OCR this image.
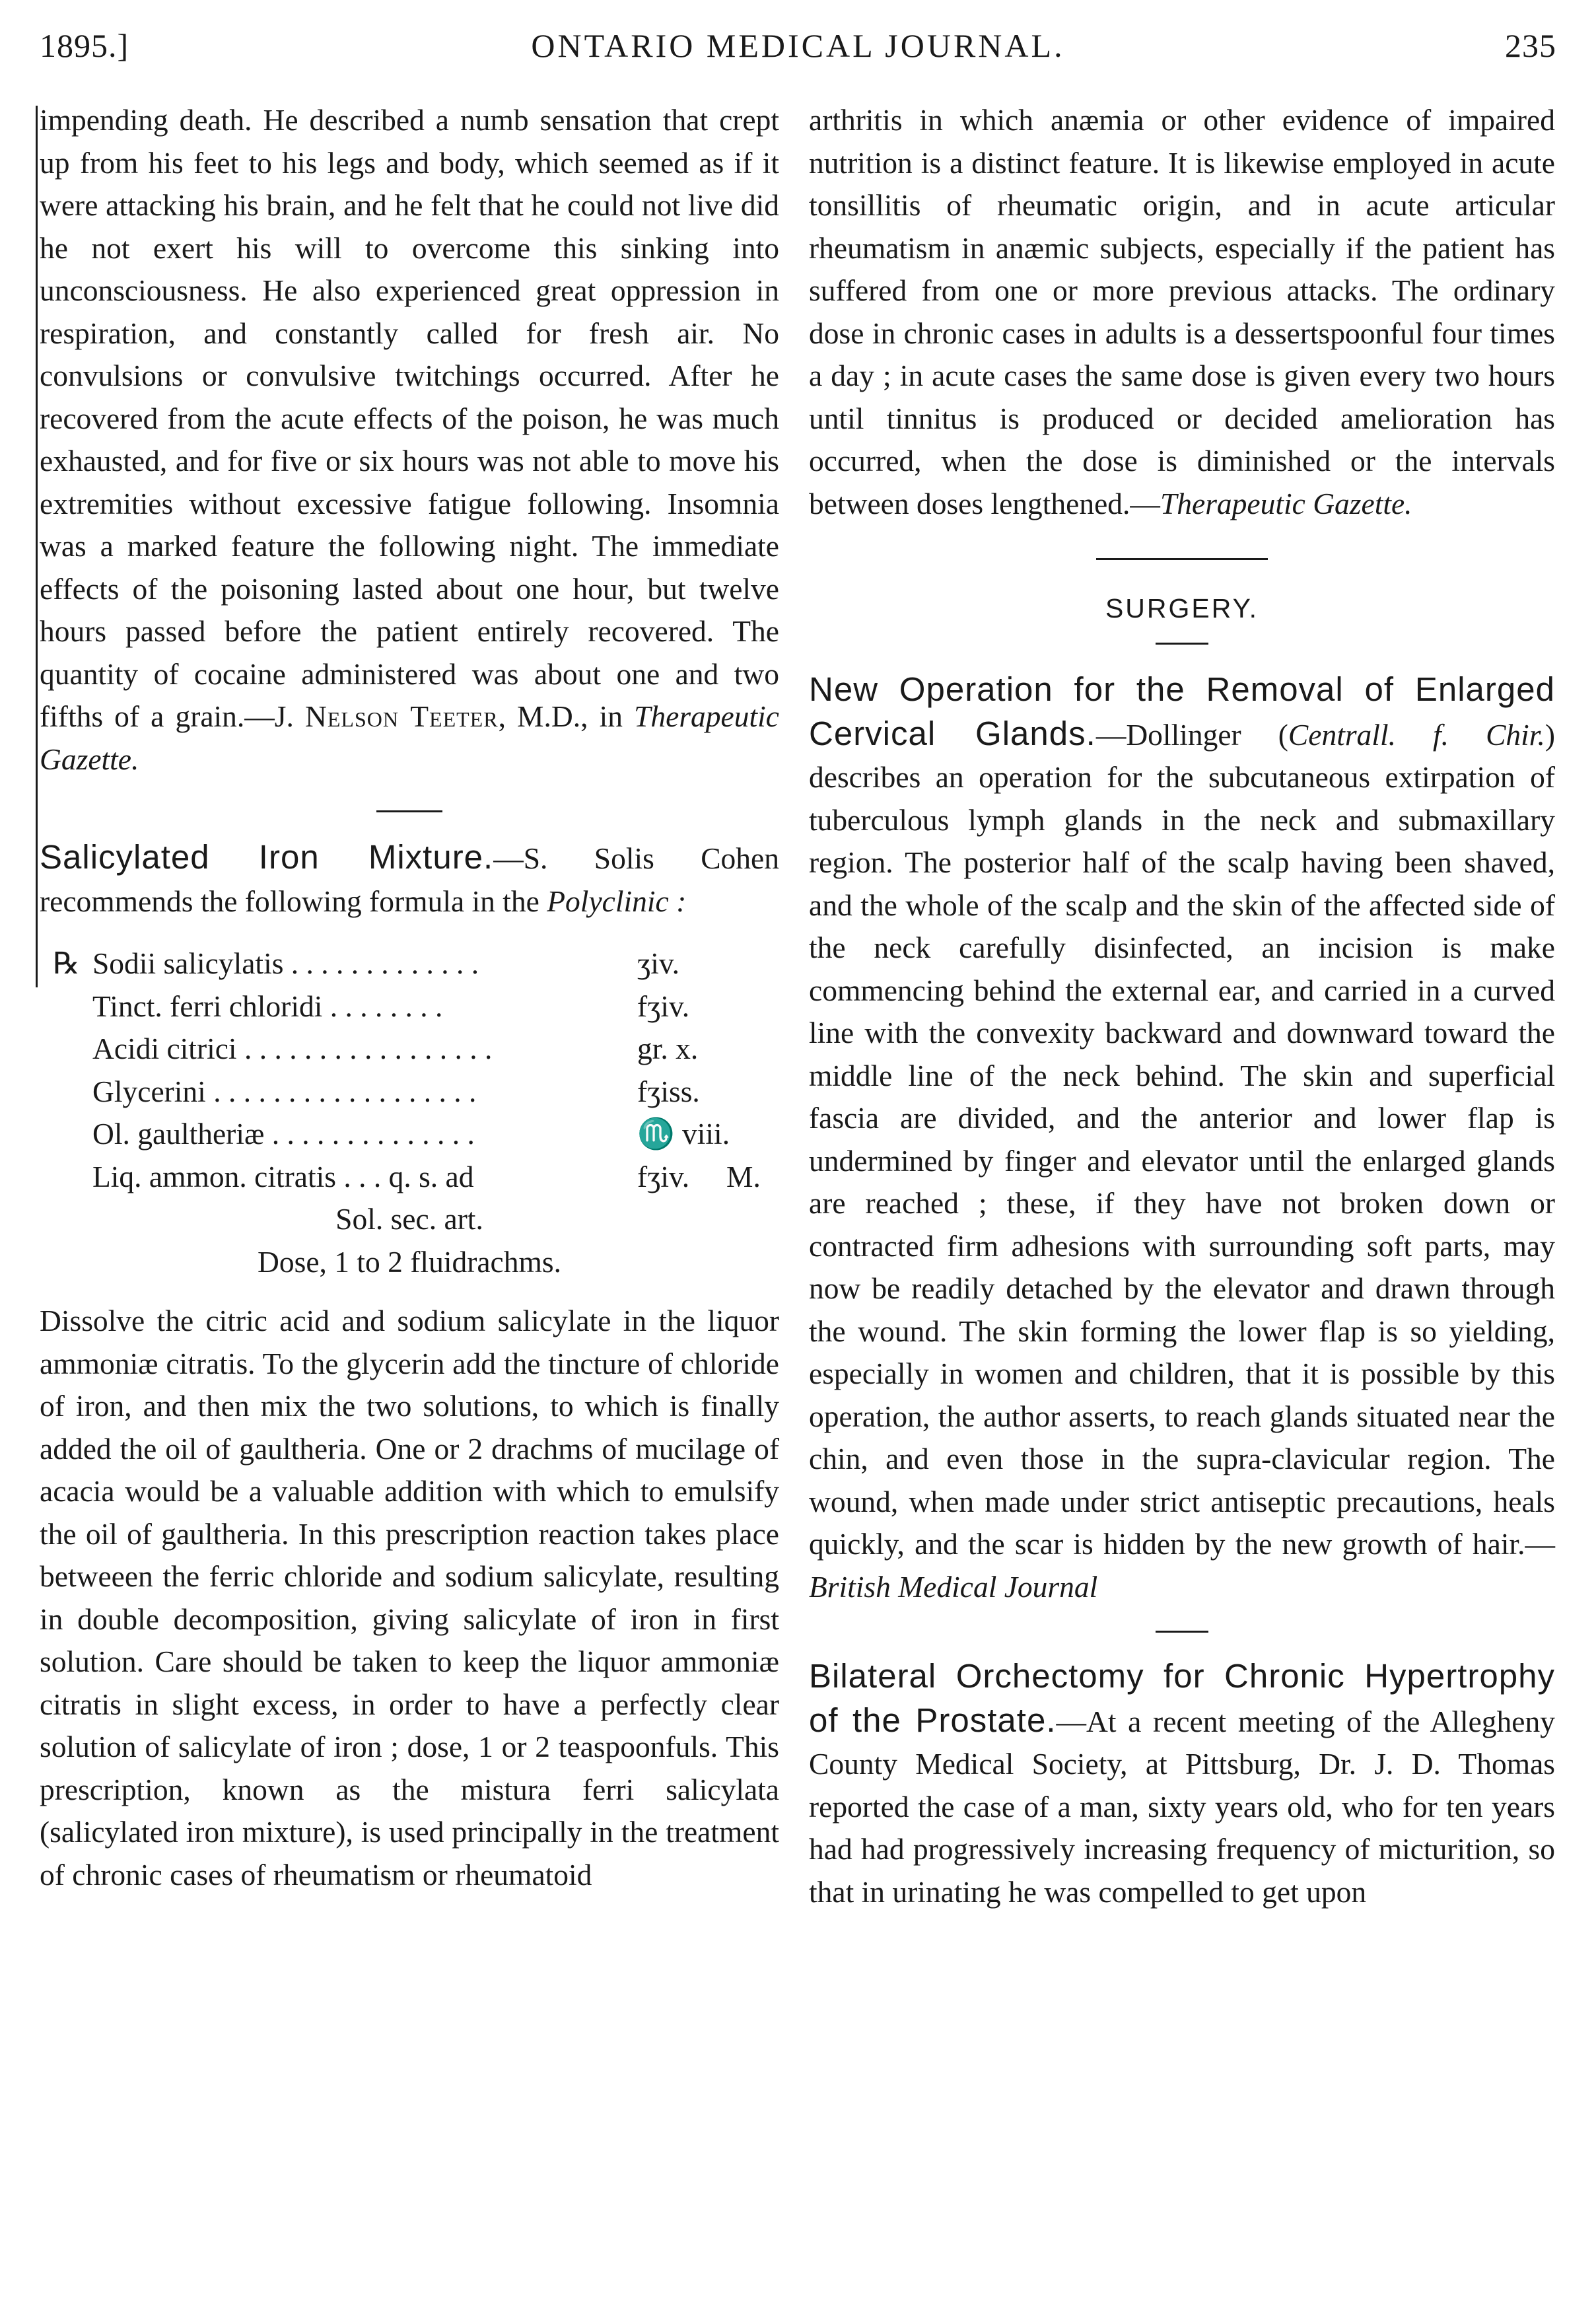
1895.]	ONTARIO MEDICAL JOURNAL.	235

impending death. He described a numb sensation that crept up from his feet to his legs and body, which seemed as if it were attacking his brain, and he felt that he could not live did he not exert his will to overcome this sinking into unconsciousness. He also experienced great oppression in respiration, and constantly called for fresh air. No convulsions or convulsive twitchings occurred. After he recovered from the acute effects of the poison, he was much exhausted, and for five or six hours was not able to move his extremities without excessive fatigue following. Insomnia was a marked feature the following night. The immediate effects of the poisoning lasted about one hour, but twelve hours passed before the patient entirely recovered. The quantity of cocaine administered was about one and two fifths of a grain.—J. Nelson Teeter, M.D., in Therapeutic Gazette.

Salicylated Iron Mixture.—S. Solis Cohen recommends the following formula in the Polyclinic :

℞ Sodii salicylatis . . . . . . . . . . . . .	ʒiv.
Tinct. ferri chloridi . . . . . . . .	fʒiv.
Acidi citrici . . . . . . . . . . . . . . . . .	gr. x.
Glycerini . . . . . . . . . . . . . . . . . .	fʒiss.
Ol. gaultheriæ . . . . . . . . . . . . . .	♏ viii.
Liq. ammon. citratis . . . q. s. ad	fʒiv. M.
Sol. sec. art.
Dose, 1 to 2 fluidrachms.

Dissolve the citric acid and sodium salicylate in the liquor ammoniæ citratis. To the glycerin add the tincture of chloride of iron, and then mix the two solutions, to which is finally added the oil of gaultheria. One or 2 drachms of mucilage of acacia would be a valuable addition with which to emulsify the oil of gaultheria. In this prescription reaction takes place betweeen the ferric chloride and sodium salicylate, resulting in double decomposition, giving salicylate of iron in first solution. Care should be taken to keep the liquor ammoniæ citratis in slight excess, in order to have a perfectly clear solution of salicylate of iron ; dose, 1 or 2 teaspoonfuls. This prescription, known as the mistura ferri salicylata (salicylated iron mixture), is used principally in the treatment of chronic cases of rheumatism or rheumatoid

arthritis in which anæmia or other evidence of impaired nutrition is a distinct feature. It is likewise employed in acute tonsillitis of rheumatic origin, and in acute articular rheumatism in anæmic subjects, especially if the patient has suffered from one or more previous attacks. The ordinary dose in chronic cases in adults is a dessertspoonful four times a day ; in acute cases the same dose is given every two hours until tinnitus is produced or decided amelioration has occurred, when the dose is diminished or the intervals between doses lengthened.—Therapeutic Gazette.

SURGERY.

New Operation for the Removal of Enlarged Cervical Glands.—Dollinger (Centrall. f. Chir.) describes an operation for the subcutaneous extirpation of tuberculous lymph glands in the neck and submaxillary region. The posterior half of the scalp having been shaved, and the whole of the scalp and the skin of the affected side of the neck carefully disinfected, an incision is make commencing behind the external ear, and carried in a curved line with the convexity backward and downward toward the middle line of the neck behind. The skin and superficial fascia are divided, and the anterior and lower flap is undermined by finger and elevator until the enlarged glands are reached ; these, if they have not broken down or contracted firm adhesions with surrounding soft parts, may now be readily detached by the elevator and drawn through the wound. The skin forming the lower flap is so yielding, especially in women and children, that it is possible by this operation, the author asserts, to reach glands situated near the chin, and even those in the supra-clavicular region. The wound, when made under strict antiseptic precautions, heals quickly, and the scar is hidden by the new growth of hair.—British Medical Journal

Bilateral Orchectomy for Chronic Hypertrophy of the Prostate.—At a recent meeting of the Allegheny County Medical Society, at Pittsburg, Dr. J. D. Thomas reported the case of a man, sixty years old, who for ten years had had progressively increasing frequency of micturition, so that in urinating he was compelled to get upon
